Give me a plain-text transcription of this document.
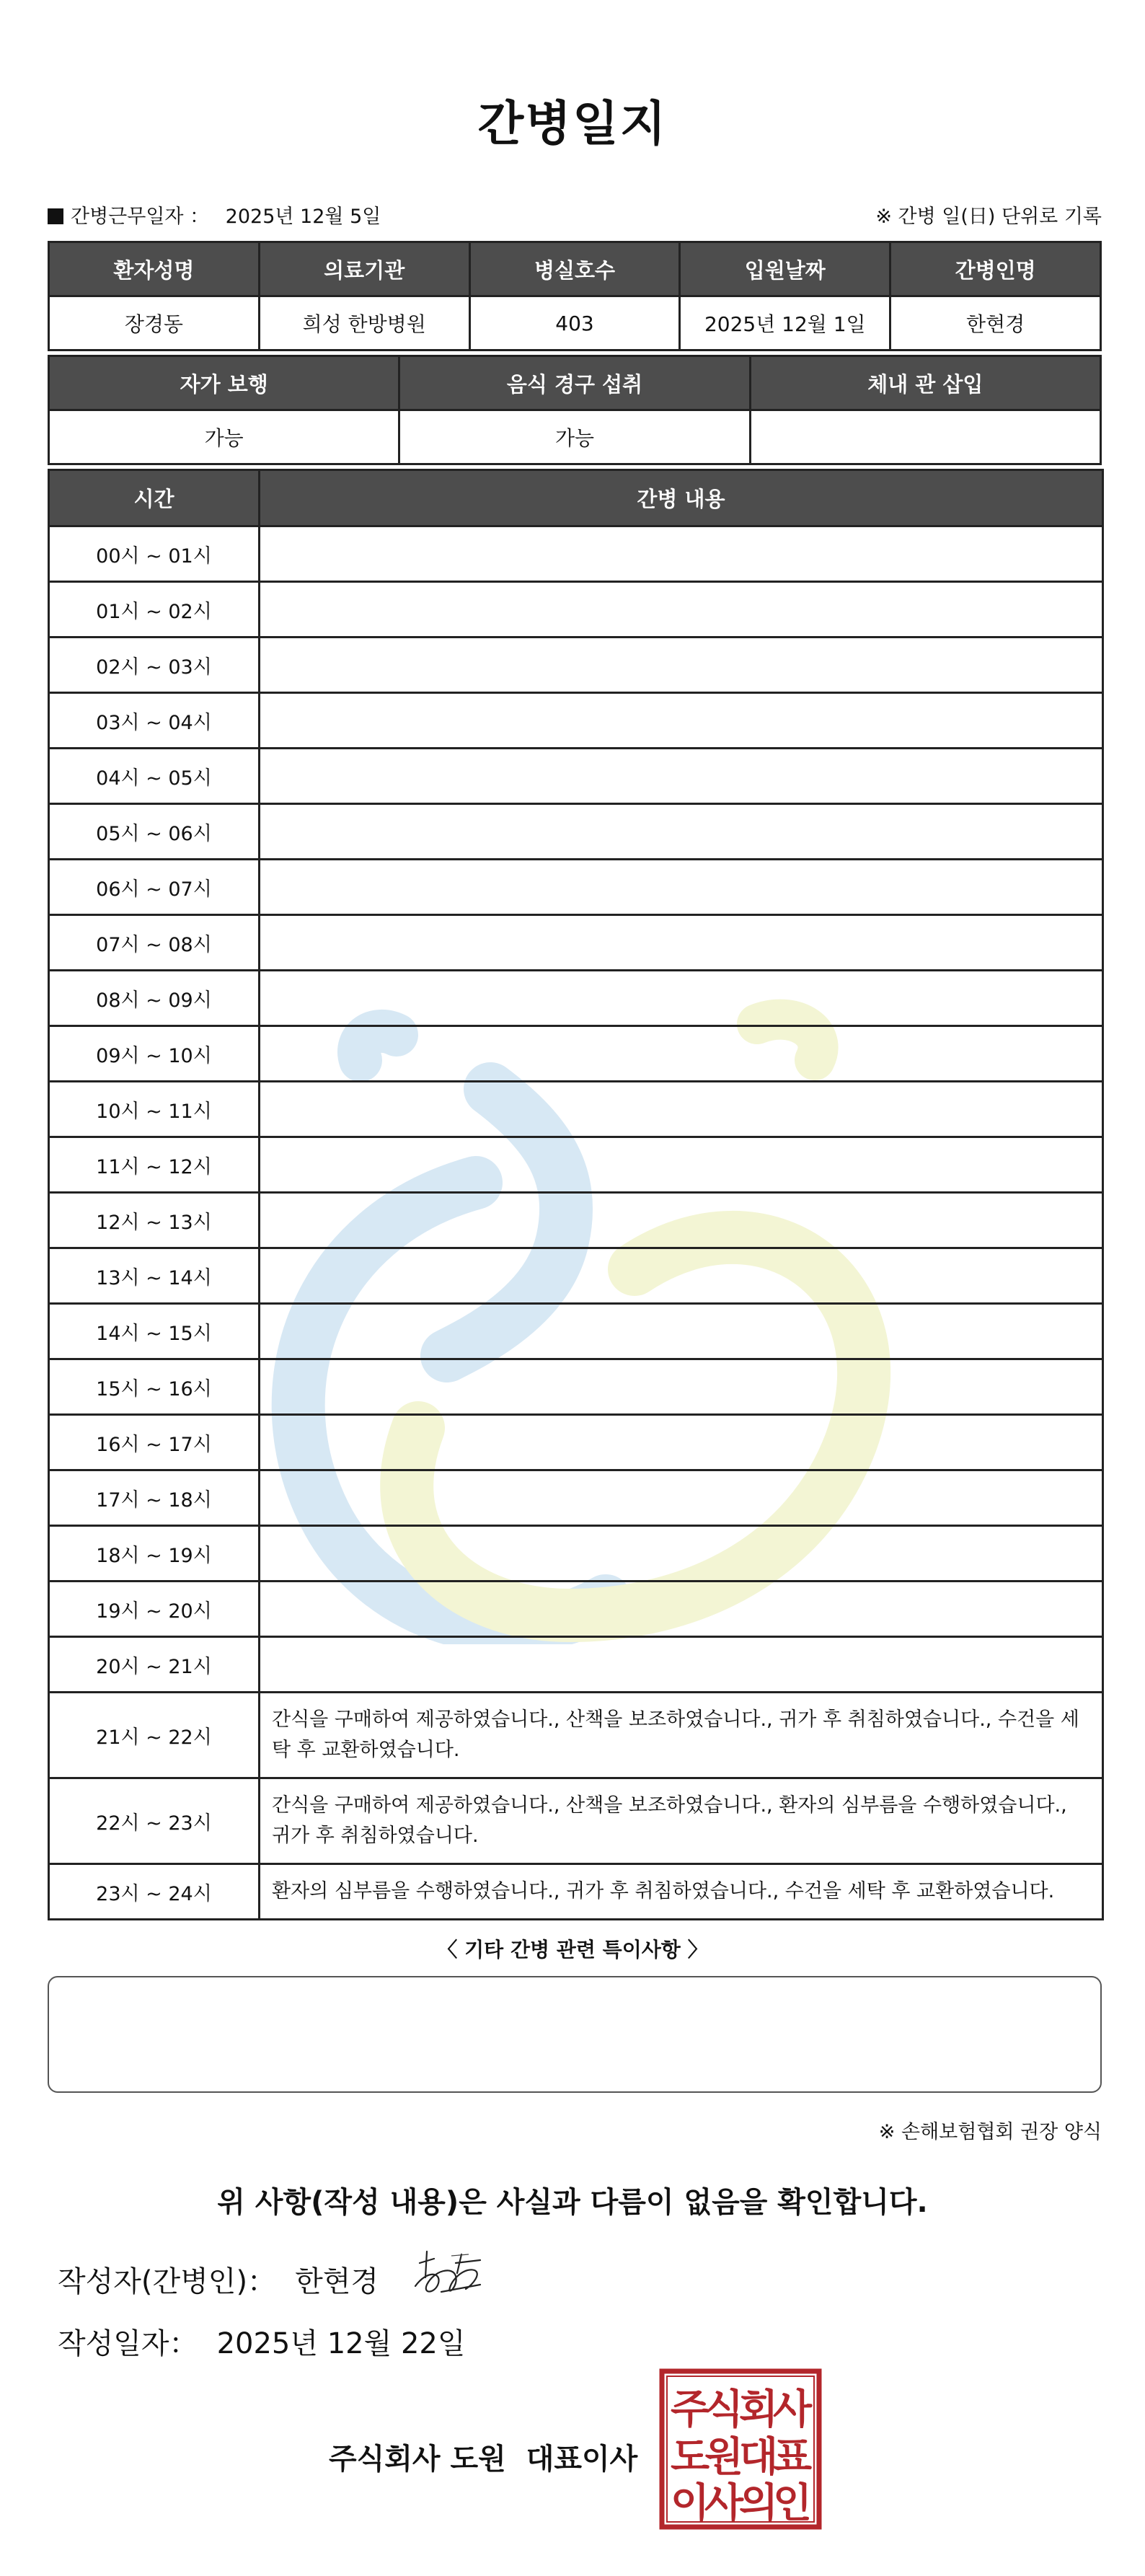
간병일지
간병근무일자 ： 2025년 12월 5일	※ 간병 일(日) 단위로 기록
환자성명	의료기관	병실호수	입원날짜	간병인명
장경동	희성 한방병원	403	2025년 12월 1일	한현경
자가 보행	음식 경구 섭취	체내 관 삽입
가능	가능	
시간	간병 내용
00시 ~ 01시	
01시 ~ 02시	
02시 ~ 03시	
03시 ~ 04시	
04시 ~ 05시	
05시 ~ 06시	
06시 ~ 07시	
07시 ~ 08시	
08시 ~ 09시	
09시 ~ 10시	
10시 ~ 11시	
11시 ~ 12시	
12시 ~ 13시	
13시 ~ 14시	
14시 ~ 15시	
15시 ~ 16시	
16시 ~ 17시	
17시 ~ 18시	
18시 ~ 19시	
19시 ~ 20시	
20시 ~ 21시	
21시 ~ 22시	간식을 구매하여 제공하였습니다., 산책을 보조하였습니다., 귀가 후 취침하였습니다., 수건을 세탁 후 교환하였습니다.
22시 ~ 23시	간식을 구매하여 제공하였습니다., 산책을 보조하였습니다., 환자의 심부름을 수행하였습니다., 귀가 후 취침하였습니다.
23시 ~ 24시	환자의 심부름을 수행하였습니다., 귀가 후 취침하였습니다., 수건을 세탁 후 교환하였습니다.
〈 기타 간병 관련 특이사항 〉
※ 손해보험협회 권장 양식
위 사항(작성 내용)은 사실과 다름이 없음을 확인합니다.
작성자(간병인)： 한현경
작성일자： 2025년 12월 22일
주식회사 도원 대표이사
주
식
회
사
도
원
대
표
이
사
의
인
